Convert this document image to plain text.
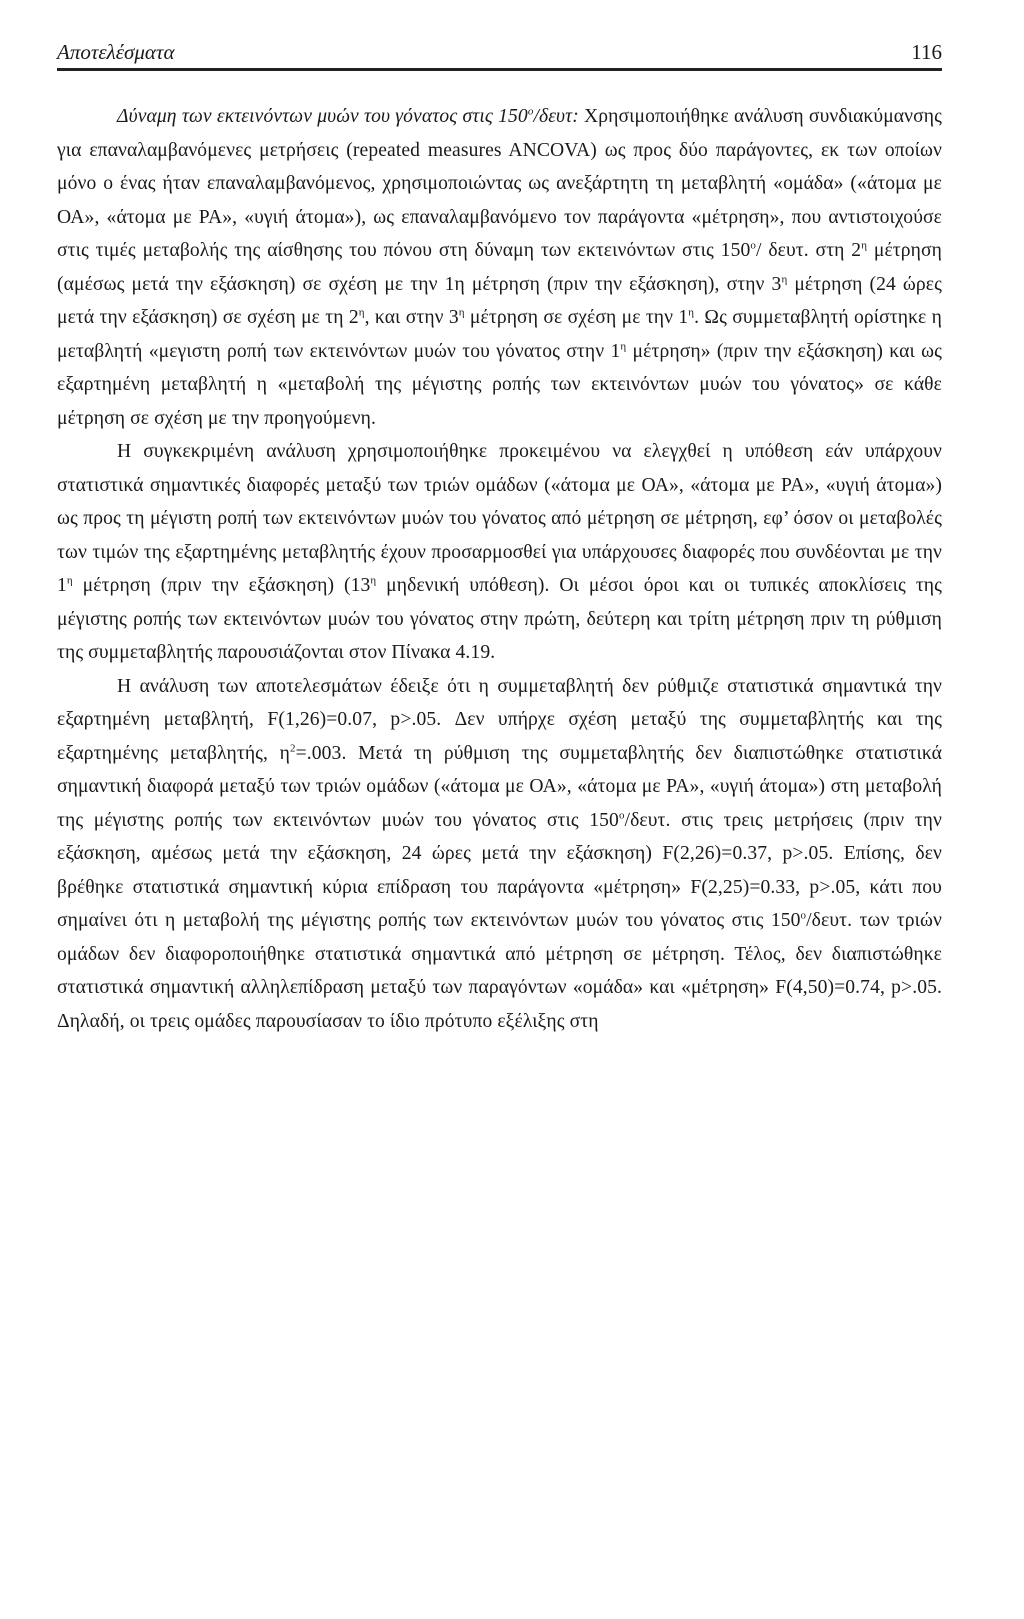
Αποτελέσματα	116

Δύναμη των εκτεινόντων μυών του γόνατος στις $150^o$/δευτ: Χρησιμοποιήθηκε ανάλυση συνδιακύμανσης για επαναλαμβανόμενες μετρήσεις (repeated measures ANCOVA) ως προς δύο παράγοντες, εκ των οποίων μόνο ο ένας ήταν επαναλαμβανόμενος, χρησιμοποιώντας ως ανεξάρτητη τη μεταβλητή «ομάδα» («άτομα με ΟΑ», «άτομα με ΡΑ», «υγιή άτομα»), ως επαναλαμβανόμενο τον παράγοντα «μέτρηση», που αντιστοιχούσε στις τιμές μεταβολής της αίσθησης του πόνου στη δύναμη των εκτεινόντων στις $150^o/$ δευτ. στη $2^\eta$ μέτρηση (αμέσως μετά την εξάσκηση) σε σχέση με την 1η μέτρηση (πριν την εξάσκηση), στην $3^\eta$ μέτρηση (24 ώρες μετά την εξάσκηση) σε σχέση με τη $2^\eta$, και στην $3^\eta$ μέτρηση σε σχέση με την $1^\eta$. Ως συμμεταβλητή ορίστηκε η μεταβλητή «μεγιστη ροπή των εκτεινόντων μυών του γόνατος στην $1^\eta$ μέτρηση» (πριν την εξάσκηση) και ως εξαρτημένη μεταβλητή η «μεταβολή της μέγιστης ροπής των εκτεινόντων μυών του γόνατος» σε κάθε μέτρηση σε σχέση με την προηγούμενη.

Η συγκεκριμένη ανάλυση χρησιμοποιήθηκε προκειμένου να ελεγχθεί η υπόθεση εάν υπάρχουν στατιστικά σημαντικές διαφορές μεταξύ των τριών ομάδων («άτομα με ΟΑ», «άτομα με ΡΑ», «υγιή άτομα») ως προς τη μέγιστη ροπή των εκτεινόντων μυών του γόνατος από μέτρηση σε μέτρηση, εφ’ όσον οι μεταβολές των τιμών της εξαρτημένης μεταβλητής έχουν προσαρμοσθεί για υπάρχουσες διαφορές που συνδέονται με την $1^\eta$ μέτρηση (πριν την εξάσκηση) ($13^\eta$ μηδενική υπόθεση). Οι μέσοι όροι και οι τυπικές αποκλίσεις της μέγιστης ροπής των εκτεινόντων μυών του γόνατος στην πρώτη, δεύτερη και τρίτη μέτρηση πριν τη ρύθμιση της συμμεταβλητής παρουσιάζονται στον Πίνακα 4.19.

Η ανάλυση των αποτελεσμάτων έδειξε ότι η συμμεταβλητή δεν ρύθμιζε στατιστικά σημαντικά την εξαρτημένη μεταβλητή, F(1,26)=0.07, p>.05. Δεν υπήρχε σχέση μεταξύ της συμμεταβλητής και της εξαρτημένης μεταβλητής, $\eta^2=.003$. Μετά τη ρύθμιση της συμμεταβλητής δεν διαπιστώθηκε στατιστικά σημαντική διαφορά μεταξύ των τριών ομάδων («άτομα με ΟΑ», «άτομα με ΡΑ», «υγιή άτομα») στη μεταβολή της μέγιστης ροπής των εκτεινόντων μυών του γόνατος στις $150^o$/δευτ. στις τρεις μετρήσεις (πριν την εξάσκηση, αμέσως μετά την εξάσκηση, 24 ώρες μετά την εξάσκηση) F(2,26)=0.37, p>.05. Επίσης, δεν βρέθηκε στατιστικά σημαντική κύρια επίδραση του παράγοντα «μέτρηση» F(2,25)=0.33, p>.05, κάτι που σημαίνει ότι η μεταβολή της μέγιστης ροπής των εκτεινόντων μυών του γόνατος στις $150^o$/δευτ. των τριών ομάδων δεν διαφοροποιήθηκε στατιστικά σημαντικά από μέτρηση σε μέτρηση. Τέλος, δεν διαπιστώθηκε στατιστικά σημαντική αλληλεπίδραση μεταξύ των παραγόντων «ομάδα» και «μέτρηση» F(4,50)=0.74, p>.05. Δηλαδή, οι τρεις ομάδες παρουσίασαν το ίδιο πρότυπο εξέλιξης στη
